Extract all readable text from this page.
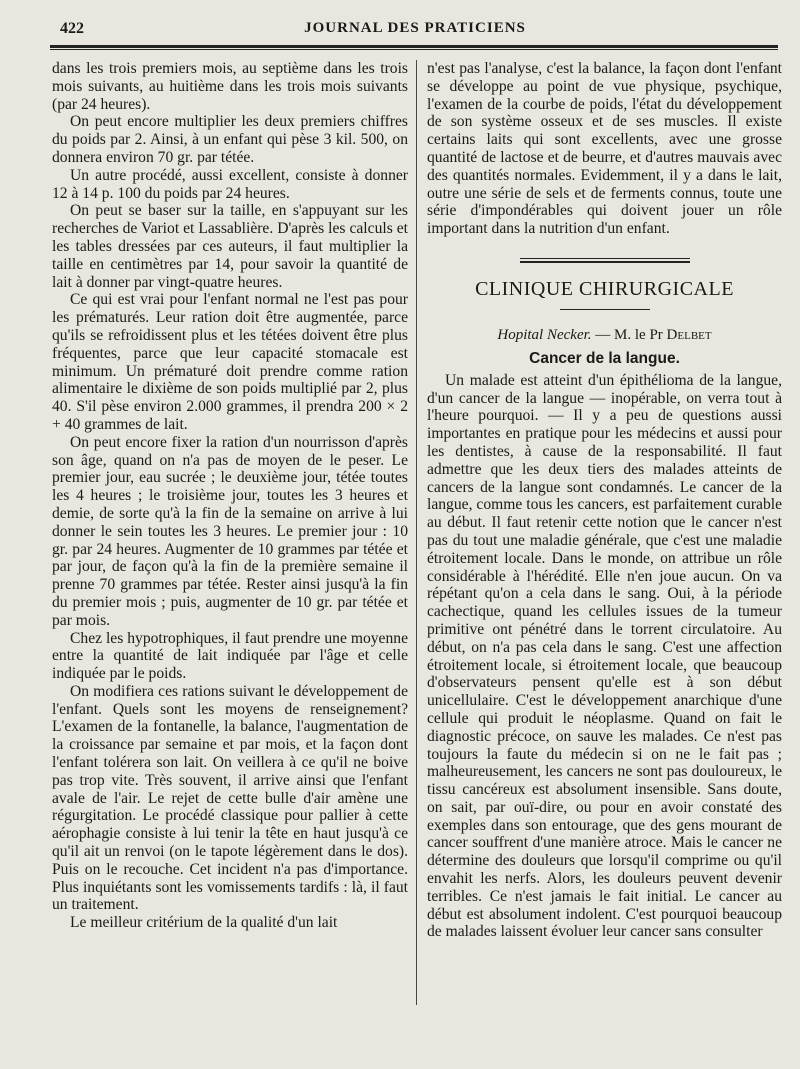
422	JOURNAL DES PRATICIENS

dans les trois premiers mois, au septième dans les trois mois suivants, au huitième dans les trois mois suivants (par 24 heures).

On peut encore multiplier les deux premiers chiffres du poids par 2. Ainsi, à un enfant qui pèse 3 kil. 500, on donnera environ 70 gr. par tétée.

Un autre procédé, aussi excellent, consiste à donner 12 à 14 p. 100 du poids par 24 heures.

On peut se baser sur la taille, en s'appuyant sur les recherches de Variot et Lassablière. D'après les calculs et les tables dressées par ces auteurs, il faut multiplier la taille en centimètres par 14, pour savoir la quantité de lait à donner par vingt-quatre heures.

Ce qui est vrai pour l'enfant normal ne l'est pas pour les prématurés. Leur ration doit être augmentée, parce qu'ils se refroidissent plus et les tétées doivent être plus fréquentes, parce que leur capacité stomacale est minimum. Un prématuré doit prendre comme ration alimentaire le dixième de son poids multiplié par 2, plus 40. S'il pèse environ 2.000 grammes, il prendra 200 × 2 + 40 grammes de lait.

On peut encore fixer la ration d'un nourrisson d'après son âge, quand on n'a pas de moyen de le peser. Le premier jour, eau sucrée ; le deuxième jour, tétée toutes les 4 heures ; le troisième jour, toutes les 3 heures et demie, de sorte qu'à la fin de la semaine on arrive à lui donner le sein toutes les 3 heures. Le premier jour : 10 gr. par 24 heures. Augmenter de 10 grammes par tétée et par jour, de façon qu'à la fin de la première semaine il prenne 70 grammes par tétée. Rester ainsi jusqu'à la fin du premier mois ; puis, augmenter de 10 gr. par tétée et par mois.

Chez les hypotrophiques, il faut prendre une moyenne entre la quantité de lait indiquée par l'âge et celle indiquée par le poids.

On modifiera ces rations suivant le développement de l'enfant. Quels sont les moyens de renseignement? L'examen de la fontanelle, la balance, l'augmentation de la croissance par semaine et par mois, et la façon dont l'enfant tolérera son lait. On veillera à ce qu'il ne boive pas trop vite. Très souvent, il arrive ainsi que l'enfant avale de l'air. Le rejet de cette bulle d'air amène une régurgitation. Le procédé classique pour pallier à cette aérophagie consiste à lui tenir la tête en haut jusqu'à ce qu'il ait un renvoi (on le tapote légèrement dans le dos). Puis on le recouche. Cet incident n'a pas d'importance. Plus inquiétants sont les vomissements tardifs : là, il faut un traitement.

Le meilleur critérium de la qualité d'un lait

n'est pas l'analyse, c'est la balance, la façon dont l'enfant se développe au point de vue physique, psychique, l'examen de la courbe de poids, l'état du développement de son système osseux et de ses muscles. Il existe certains laits qui sont excellents, avec une grosse quantité de lactose et de beurre, et d'autres mauvais avec des quantités normales. Evidemment, il y a dans le lait, outre une série de sels et de ferments connus, toute une série d'impondérables qui doivent jouer un rôle important dans la nutrition d'un enfant.

CLINIQUE CHIRURGICALE
Hopital Necker. — M. le Pr Delbet
Cancer de la langue.

Un malade est atteint d'un épithélioma de la langue, d'un cancer de la langue — inopérable, on verra tout à l'heure pourquoi. — Il y a peu de questions aussi importantes en pratique pour les médecins et aussi pour les dentistes, à cause de la responsabilité. Il faut admettre que les deux tiers des malades atteints de cancers de la langue sont condamnés. Le cancer de la langue, comme tous les cancers, est parfaitement curable au début. Il faut retenir cette notion que le cancer n'est pas du tout une maladie générale, que c'est une maladie étroitement locale. Dans le monde, on attribue un rôle considérable à l'hérédité. Elle n'en joue aucun. On va répétant qu'on a cela dans le sang. Oui, à la période cachectique, quand les cellules issues de la tumeur primitive ont pénétré dans le torrent circulatoire. Au début, on n'a pas cela dans le sang. C'est une affection étroitement locale, si étroitement locale, que beaucoup d'observateurs pensent qu'elle est à son début unicellulaire. C'est le développement anarchique d'une cellule qui produit le néoplasme. Quand on fait le diagnostic précoce, on sauve les malades. Ce n'est pas toujours la faute du médecin si on ne le fait pas ; malheureusement, les cancers ne sont pas douloureux, le tissu cancéreux est absolument insensible. Sans doute, on sait, par ouï-dire, ou pour en avoir constaté des exemples dans son entourage, que des gens mourant de cancer souffrent d'une manière atroce. Mais le cancer ne détermine des douleurs que lorsqu'il comprime ou qu'il envahit les nerfs. Alors, les douleurs peuvent devenir terribles. Ce n'est jamais le fait initial. Le cancer au début est absolument indolent. C'est pourquoi beaucoup de malades laissent évoluer leur cancer sans consulter
